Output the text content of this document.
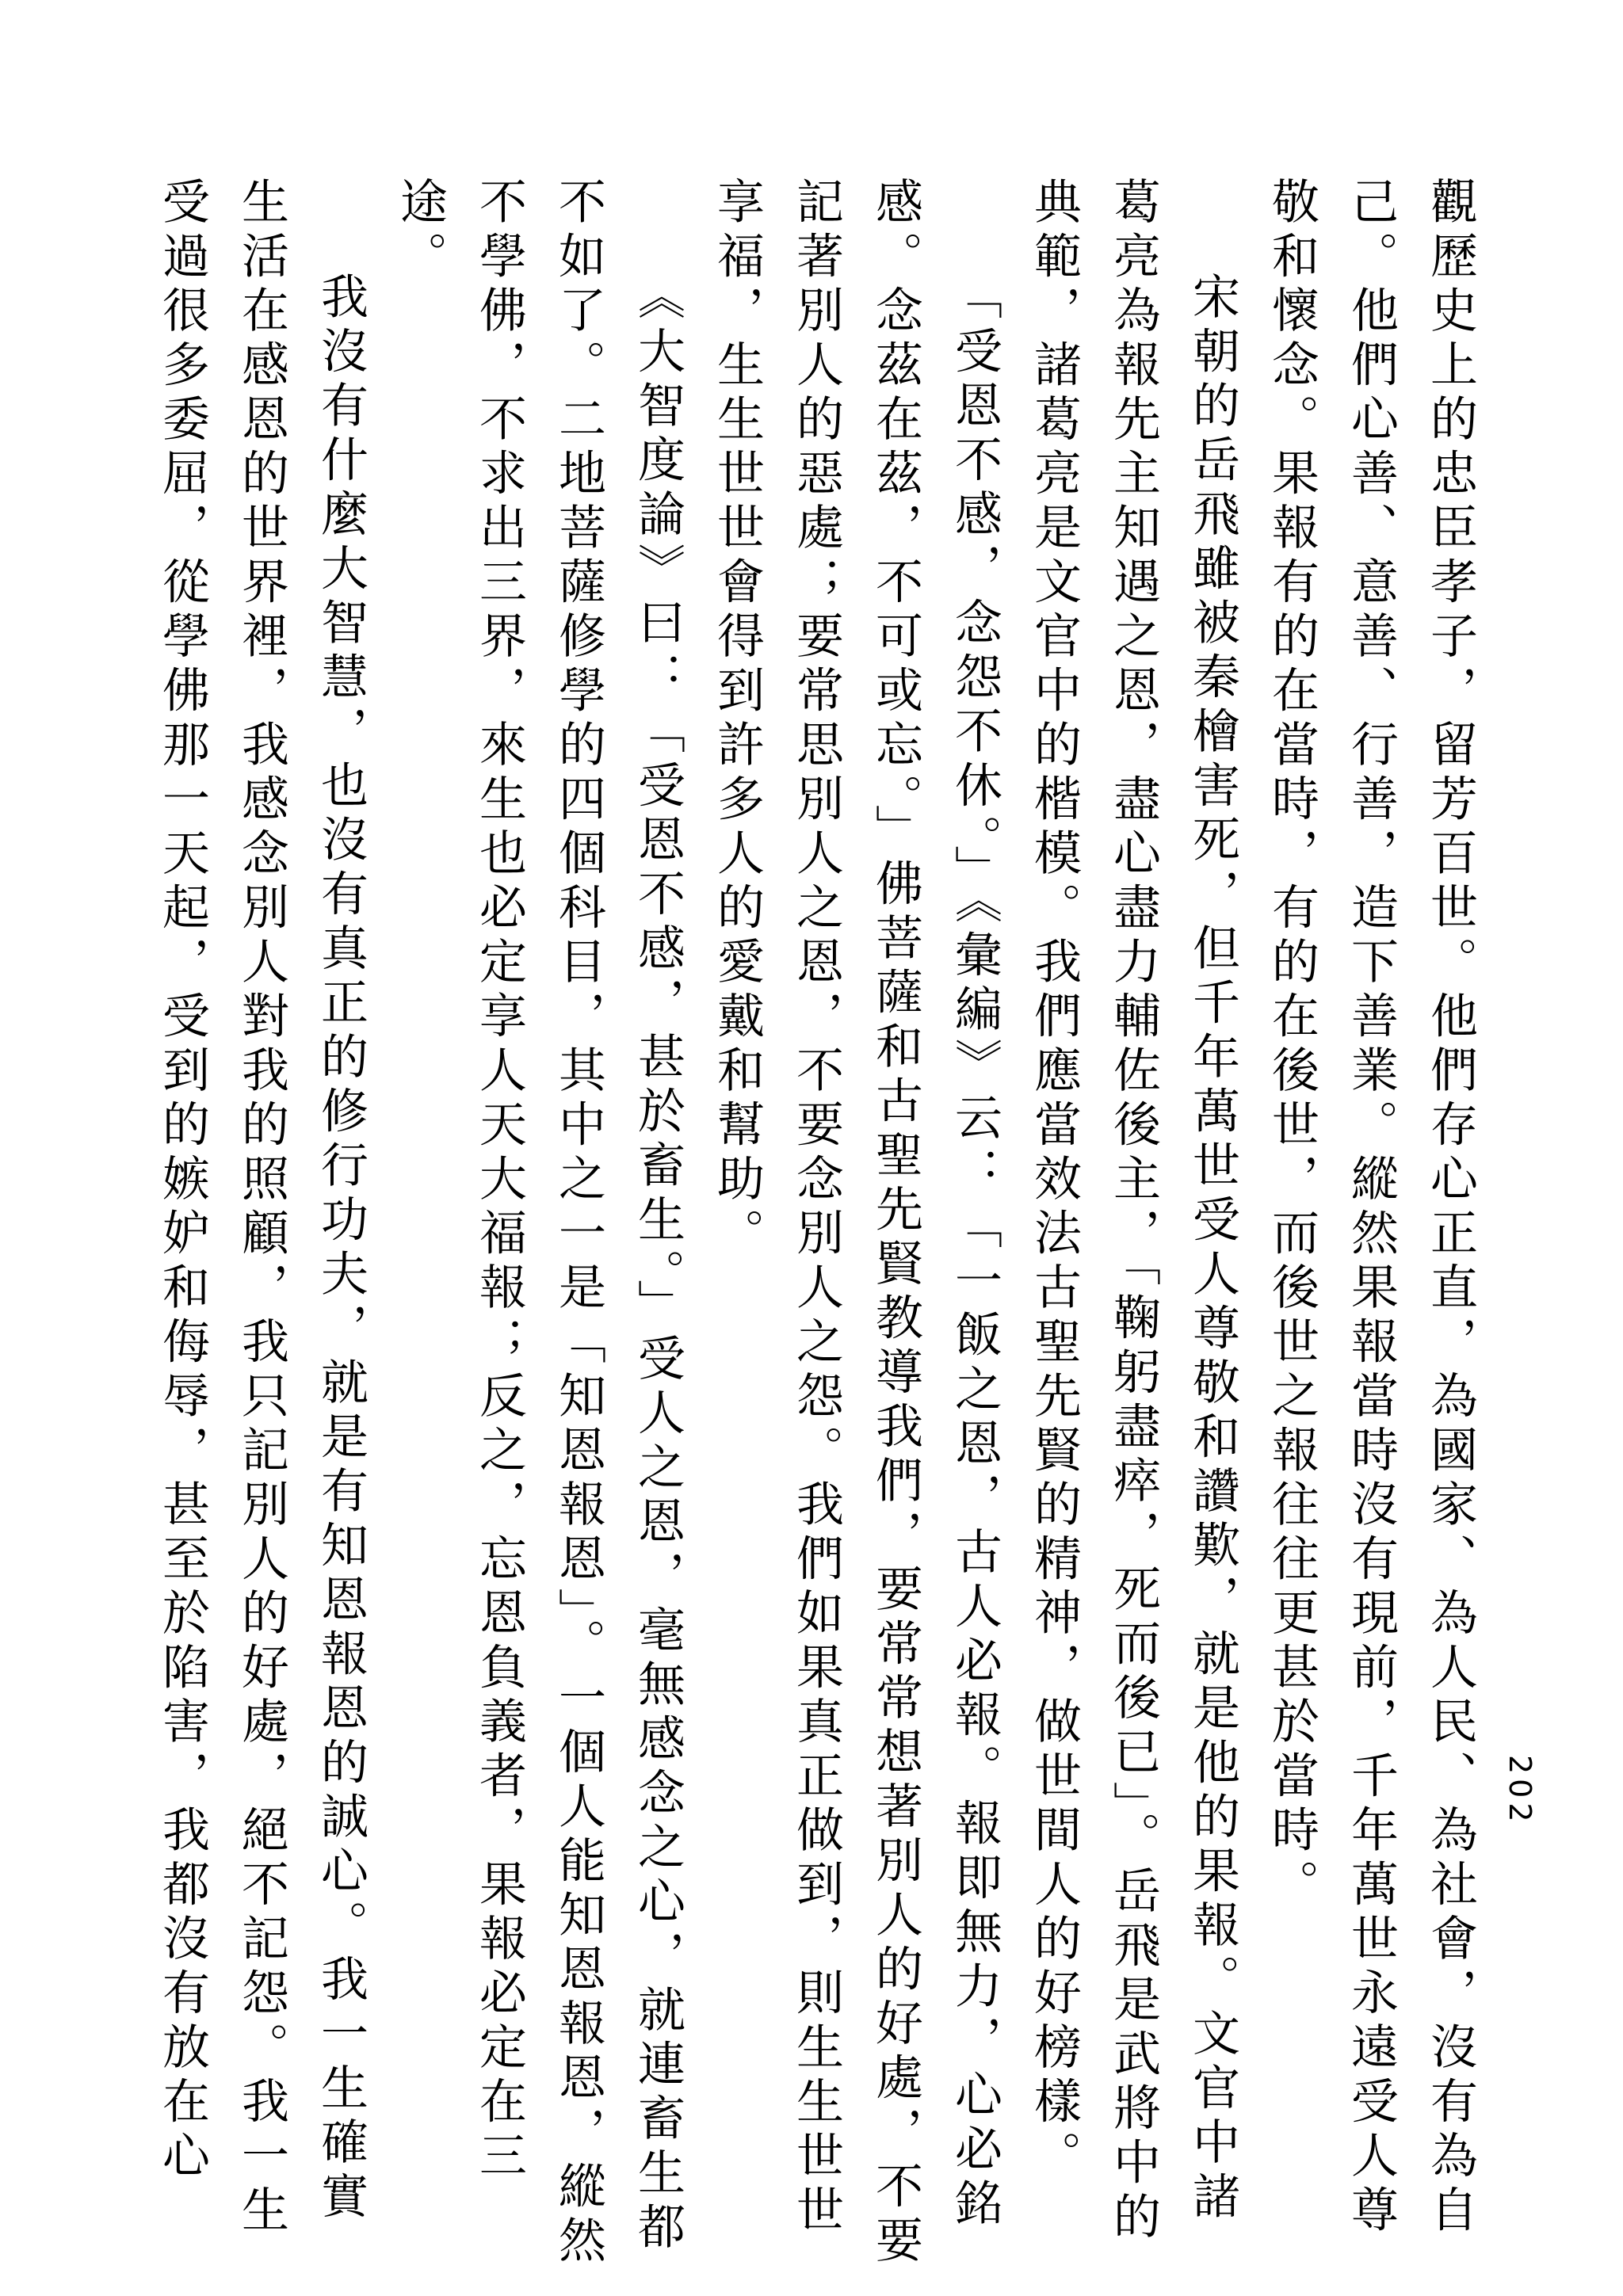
202

觀歷史上的忠臣孝子，留芳百世。他們存心正直，為國家、為人民、為社會，沒有為自己。他們心善、意善、行善，造下善業。縱然果報當時沒有現前，千年萬世永遠受人尊敬和懷念。果報有的在當時，有的在後世，而後世之報往往更甚於當時。

宋朝的岳飛雖被秦檜害死，但千年萬世受人尊敬和讚歎，就是他的果報。文官中諸葛亮為報先主知遇之恩，盡心盡力輔佐後主，「鞠躬盡瘁，死而後已」。岳飛是武將中的典範，諸葛亮是文官中的楷模。我們應當效法古聖先賢的精神，做世間人的好榜樣。

「受恩不感，念怨不休。」《彙編》云：「一飯之恩，古人必報。報即無力，心必銘感。念茲在茲，不可或忘。」佛菩薩和古聖先賢教導我們，要常常想著別人的好處，不要記著別人的惡處；要常思別人之恩，不要念別人之怨。我們如果真正做到，則生生世世享福，生生世世會得到許多人的愛戴和幫助。

《大智度論》曰：「受恩不感，甚於畜生。」受人之恩，毫無感念之心，就連畜生都不如了。二地菩薩修學的四個科目，其中之一是「知恩報恩」。一個人能知恩報恩，縱然不學佛，不求出三界，來生也必定享人天大福報；反之，忘恩負義者，果報必定在三途。

我沒有什麼大智慧，也沒有真正的修行功夫，就是有知恩報恩的誠心。我一生確實生活在感恩的世界裡，我感念別人對我的照顧，我只記別人的好處，絕不記怨。我一生受過很多委屈，從學佛那一天起，受到的嫉妒和侮辱，甚至於陷害，我都沒有放在心
